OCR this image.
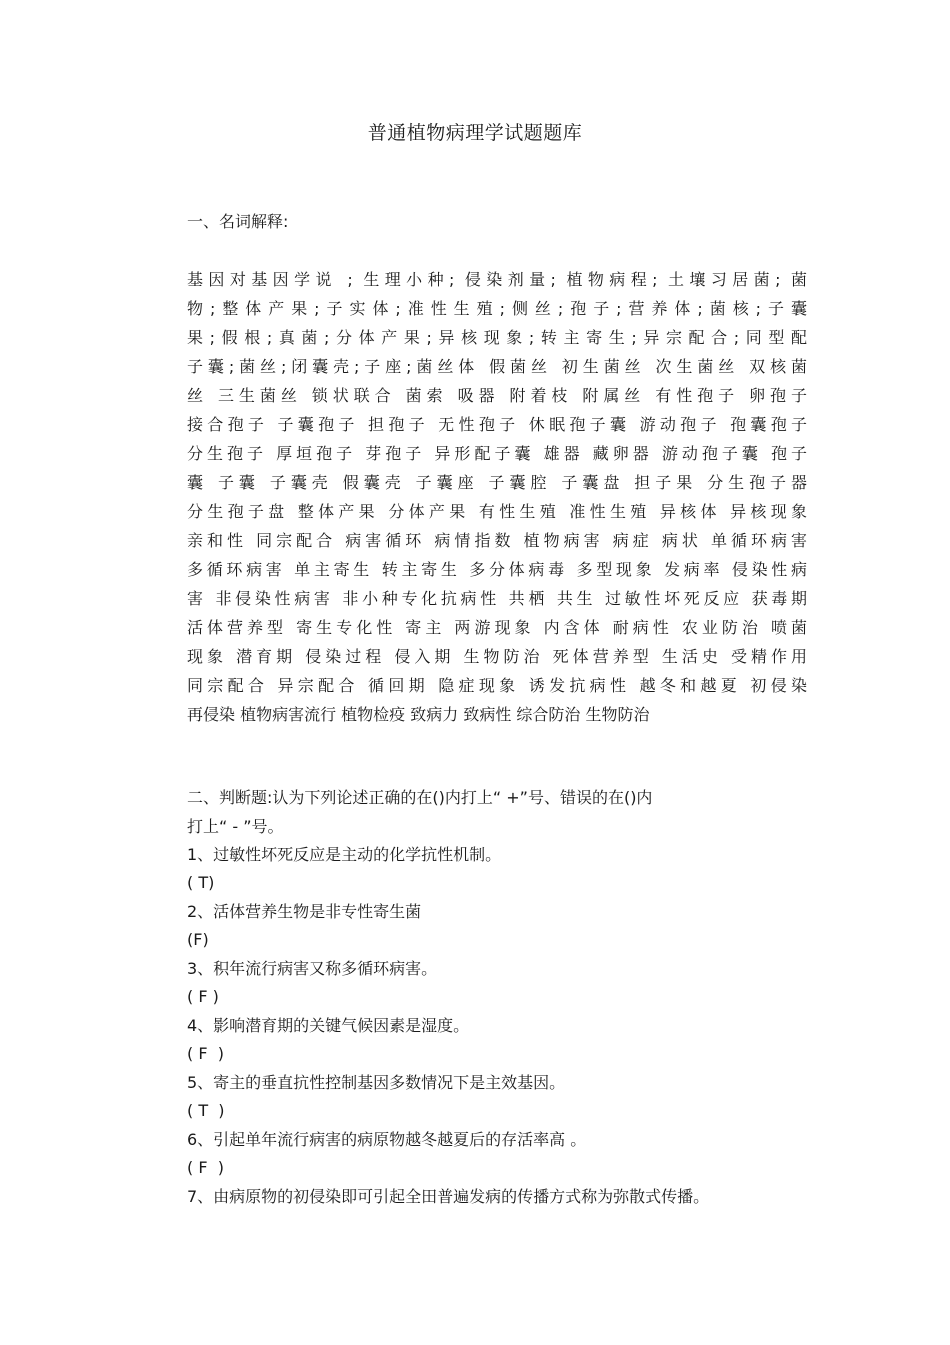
普通植物病理学试题题库
一、名词解释:
基因对基因学说 ; 生理小种; 侵染剂量; 植物病程; 土壤习居菌; 菌
物;整体产果;子实体;准性生殖;侧丝;孢子;营养体;菌核;子囊
果;假根;真菌;分体产果;异核现象;转主寄生;异宗配合;同型配
子囊;菌丝;闭囊壳;子座;菌丝体 假菌丝 初生菌丝 次生菌丝 双核菌
丝 三生菌丝 锁状联合 菌索 吸器 附着枝 附属丝 有性孢子 卵孢子
接合孢子 子囊孢子 担孢子 无性孢子 休眠孢子囊 游动孢子 孢囊孢子
分生孢子 厚垣孢子 芽孢子 异形配子囊 雄器 藏卵器 游动孢子囊 孢子
囊 子囊 子囊壳 假囊壳 子囊座 子囊腔 子囊盘 担子果 分生孢子器
分生孢子盘 整体产果 分体产果 有性生殖 准性生殖 异核体 异核现象
亲和性 同宗配合 病害循环 病情指数 植物病害 病症 病状 单循环病害
多循环病害 单主寄生 转主寄生 多分体病毒 多型现象 发病率 侵染性病
害 非侵染性病害 非小种专化抗病性 共栖 共生 过敏性坏死反应 获毒期
活体营养型 寄生专化性 寄主 两游现象 内含体 耐病性 农业防治 喷菌
现象 潜育期 侵染过程 侵入期 生物防治 死体营养型 生活史 受精作用
同宗配合 异宗配合 循回期 隐症现象 诱发抗病性 越冬和越夏 初侵染
再侵染 植物病害流行 植物检疫 致病力 致病性 综合防治 生物防治
二、判断题:认为下列论述正确的在()内打上“ +”号、错误的在()内
打上“ - ”号。
1、过敏性坏死反应是主动的化学抗性机制。
( T)
2、活体营养生物是非专性寄生菌
(F)
3、积年流行病害又称多循环病害。
( F )
4、影响潜育期的关键气候因素是湿度。
( F  )
5、寄主的垂直抗性控制基因多数情况下是主效基因。
( T  )
6、引起单年流行病害的病原物越冬越夏后的存活率高 。
( F  )
7、由病原物的初侵染即可引起全田普遍发病的传播方式称为弥散式传播。
